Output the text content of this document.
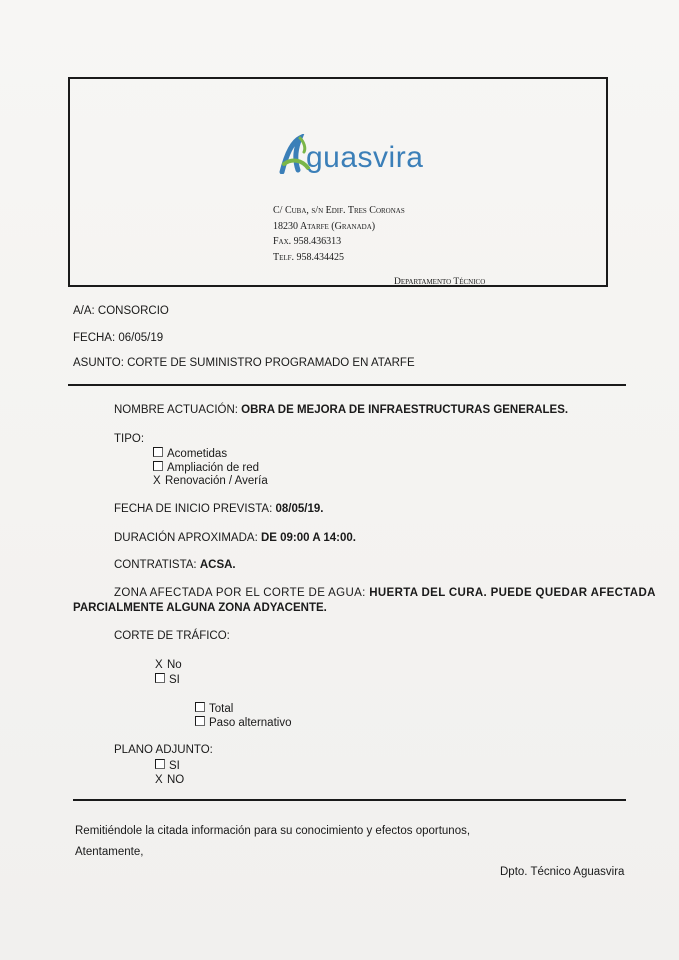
guasvira
C/ Cuba, s/n Edif. Tres Coronas
18230 Atarfe (Granada)
Fax. 958.436313
Telf. 958.434425
Departamento Técnico
A/A: CONSORCIO
FECHA: 06/05/19
ASUNTO: CORTE DE SUMINISTRO PROGRAMADO EN ATARFE
NOMBRE ACTUACIÓN: OBRA DE MEJORA DE INFRAESTRUCTURAS GENERALES.
TIPO:
Acometidas
Ampliación de red
X Renovación / Avería
FECHA DE INICIO PREVISTA: 08/05/19.
DURACIÓN APROXIMADA: DE 09:00 A 14:00.
CONTRATISTA: ACSA.
ZONA AFECTADA POR EL CORTE DE AGUA: HUERTA DEL CURA. PUEDE QUEDAR AFECTADA
PARCIALMENTE ALGUNA ZONA ADYACENTE.
CORTE DE TRÁFICO:
X No
SI
Total
Paso alternativo
PLANO ADJUNTO:
SI
X NO
Remitiéndole la citada información para su conocimiento y efectos oportunos,
Atentamente,
Dpto. Técnico Aguasvira
